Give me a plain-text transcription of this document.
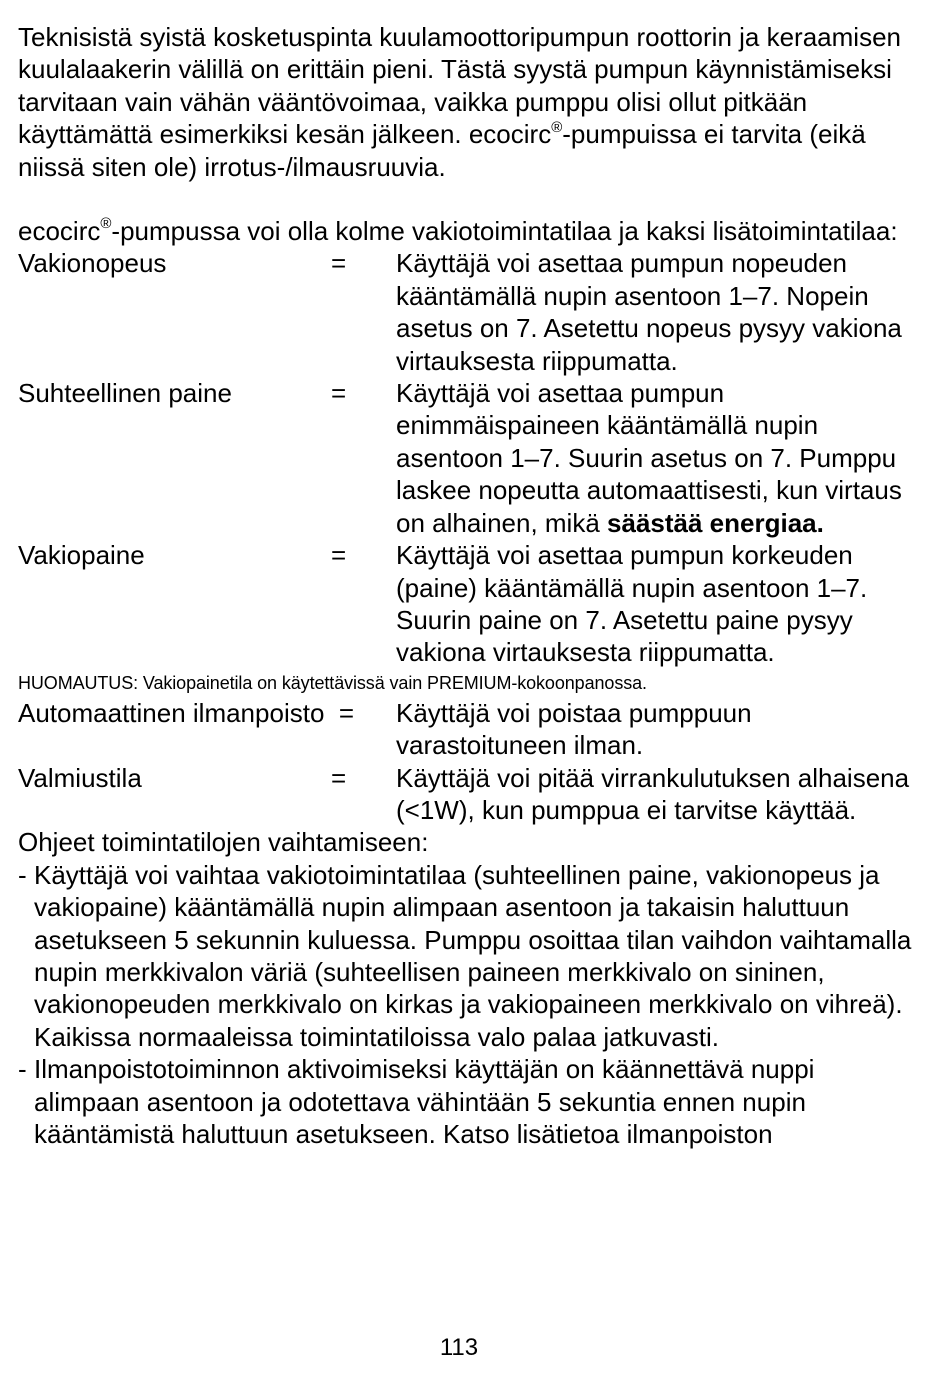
Teknisistä syistä kosketuspinta kuulamoottoripumpun roottorin ja keraamisen kuulalaakerin välillä on erittäin pieni. Tästä syystä pumpun käynnistämiseksi tarvitaan vain vähän vääntövoimaa, vaikka pumppu olisi ollut pitkään käyttämättä esimerkiksi kesän jälkeen. ecocirc®-pumpuissa ei tarvita (eikä niissä siten ole) irrotus-/ilmausruuvia.

ecocirc®-pumpussa voi olla kolme vakiotoimintatilaa ja kaksi lisätoimintatilaa:

Vakionopeus	= Käyttäjä voi asettaa pumpun nopeuden kääntämällä nupin asentoon 1–7. Nopein asetus on 7. Asetettu nopeus pysyy vakiona virtauksesta riippumatta.
Suhteellinen paine	= Käyttäjä voi asettaa pumpun enimmäispaineen kääntämällä nupin asentoon 1–7. Suurin asetus on 7. Pumppu laskee nopeutta automaattisesti, kun virtaus on alhainen, mikä säästää energiaa.
Vakiopaine	= Käyttäjä voi asettaa pumpun korkeuden (paine) kääntämällä nupin asentoon 1–7. Suurin paine on 7. Asetettu paine pysyy vakiona virtauksesta riippumatta.

HUOMAUTUS: Vakiopainetila on käytettävissä vain PREMIUM-kokoonpanossa.

Automaattinen ilmanpoisto =	Käyttäjä voi poistaa pumppuun varastoituneen ilman.
Valmiustila	= Käyttäjä voi pitää virrankulutuksen alhaisena (<1W), kun pumppua ei tarvitse käyttää.

Ohjeet toimintatilojen vaihtamiseen:

- Käyttäjä voi vaihtaa vakiotoimintatilaa (suhteellinen paine, vakionopeus ja vakiopaine) kääntämällä nupin alimpaan asentoon ja takaisin haluttuun asetukseen 5 sekunnin kuluessa. Pumppu osoittaa tilan vaihdon vaihtamalla nupin merkkivalon väriä (suhteellisen paineen merkkivalo on sininen, vakionopeuden merkkivalo on kirkas ja vakiopaineen merkkivalo on vihreä). Kaikissa normaaleissa toimintatiloissa valo palaa jatkuvasti.
- Ilmanpoistotoiminnon aktivoimiseksi käyttäjän on käännettävä nuppi alimpaan asentoon ja odotettava vähintään 5 sekuntia ennen nupin kääntämistä haluttuun asetukseen. Katso lisätietoa ilmanpoiston
113
